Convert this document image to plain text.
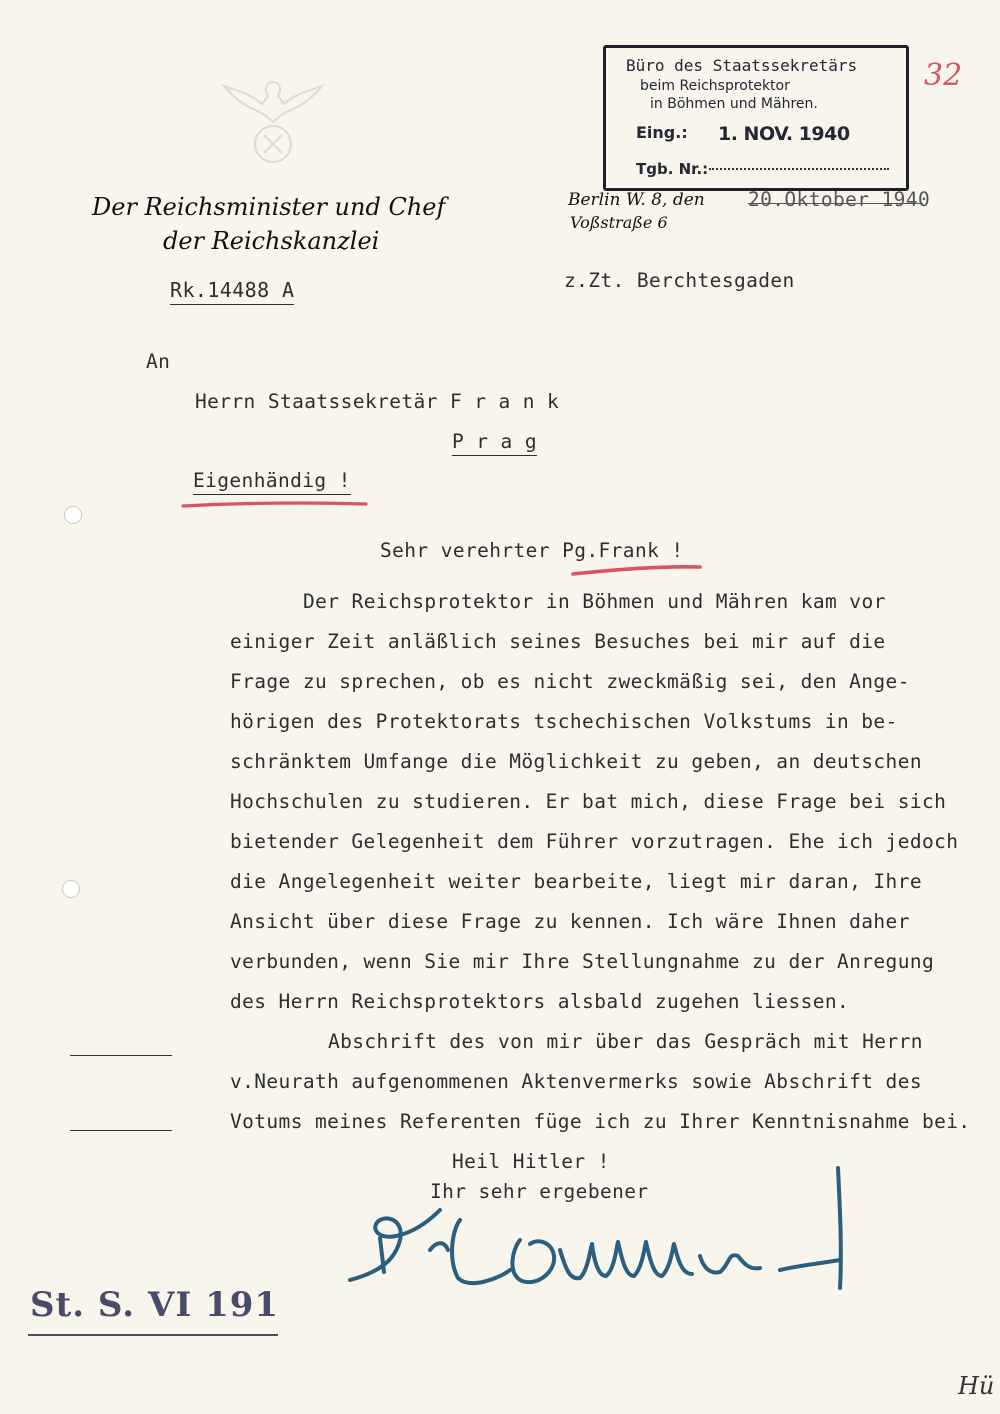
Der Reichsminister und Chef
der Reichskanzlei
Rk.14488 A
Berlin W. 8, den
Voßstraße 6
20.Oktober 1940
z.Zt. Berchtesgaden
Büro des Staatssekretärs
beim Reichsprotektor
in Böhmen und Mähren.
Eing.: 1. NOV. 1940
Tgb. Nr.:
32
An
Herrn Staatssekretär F r a n k
P r a g
Eigenhändig !
Sehr verehrter Pg.Frank !
Der Reichsprotektor in Böhmen und Mähren kam vor
einiger Zeit anläßlich seines Besuches bei mir auf die
Frage zu sprechen, ob es nicht zweckmäßig sei, den Ange-
hörigen des Protektorats tschechischen Volkstums in be-
schränktem Umfange die Möglichkeit zu geben, an deutschen
Hochschulen zu studieren. Er bat mich, diese Frage bei sich
bietender Gelegenheit dem Führer vorzutragen. Ehe ich jedoch
die Angelegenheit weiter bearbeite, liegt mir daran, Ihre
Ansicht über diese Frage zu kennen. Ich wäre Ihnen daher
verbunden, wenn Sie mir Ihre Stellungnahme zu der Anregung
des Herrn Reichsprotektors alsbald zugehen liessen.
Abschrift des von mir über das Gespräch mit Herrn
v.Neurath aufgenommenen Aktenvermerks sowie Abschrift des
Votums meines Referenten füge ich zu Ihrer Kenntnisnahme bei.
Heil Hitler !
Ihr sehr ergebener
St. S. VI 191
Hü
